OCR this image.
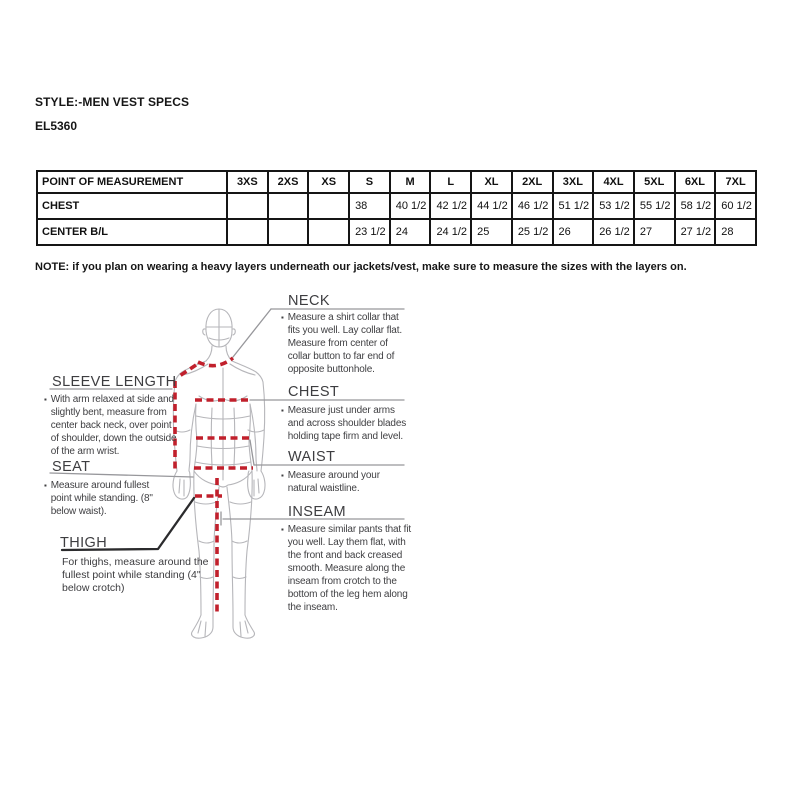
STYLE:-MEN VEST SPECS
EL5360
POINT OF MEASUREMENT	3XS	2XS	XS	S	M	L	XL	2XL	3XL	4XL	5XL	6XL	7XL
CHEST				38	40 1/2	42 1/2	44 1/2	46 1/2	51 1/2	53 1/2	55 1/2	58 1/2	60 1/2
CENTER B/L				23 1/2	24	24 1/2	25	25 1/2	26	26 1/2	27	27 1/2	28
NOTE: if you plan on wearing a heavy layers underneath our jackets/vest, make sure to measure the sizes with the layers on.
NECK
▪ Measure a shirt collar that fits you well. Lay collar flat. Measure from center of collar button to far end of opposite buttonhole.
CHEST
▪ Measure just under arms and across shoulder blades holding tape firm and level.
WAIST
▪ Measure around your natural waistline.
INSEAM
▪ Measure similar pants that fit you well. Lay them flat, with the front and back creased smooth. Measure along the inseam from crotch to the bottom of the leg hem along the inseam.
SLEEVE LENGTH
▪ With arm relaxed at side and slightly bent, measure from center back neck, over point of shoulder, down the outside of the arm wrist.
SEAT
▪ Measure around fullest point while standing. (8" below waist).
THIGH
For thighs, measure around the fullest point while standing (4" below crotch)
